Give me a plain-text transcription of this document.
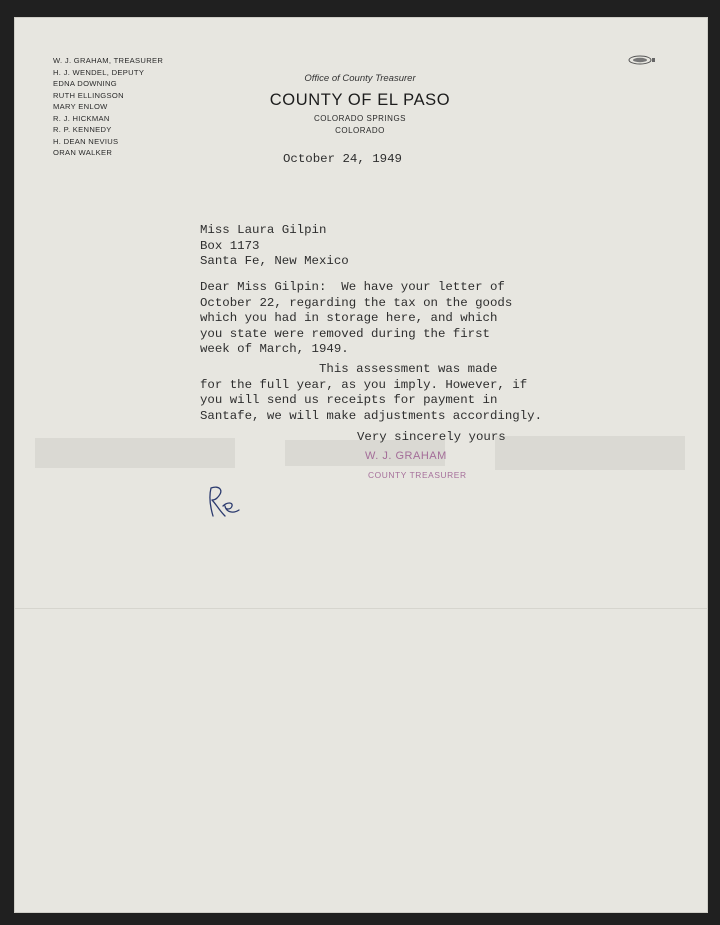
W. J. GRAHAM, TREASURER
H. J. WENDEL, DEPUTY
EDNA DOWNING
RUTH ELLINGSON
MARY ENLOW
R. J. HICKMAN
R. P. KENNEDY
H. DEAN NEVIUS
ORAN WALKER
Office of County Treasurer
COUNTY OF EL PASO
COLORADO SPRINGS
COLORADO
October 24, 1949
Miss Laura Gilpin
Box 1173
Santa Fe, New Mexico
Dear Miss Gilpin:  We have your letter of
October 22, regarding the tax on the goods
which you had in storage here, and which
you state were removed during the first
week of March, 1949.
This assessment was made
for the full year, as you imply. However, if
you will send us receipts for payment in
Santafe, we will make adjustments accordingly.
Very sincerely yours
W. J. GRAHAM
COUNTY TREASURER
